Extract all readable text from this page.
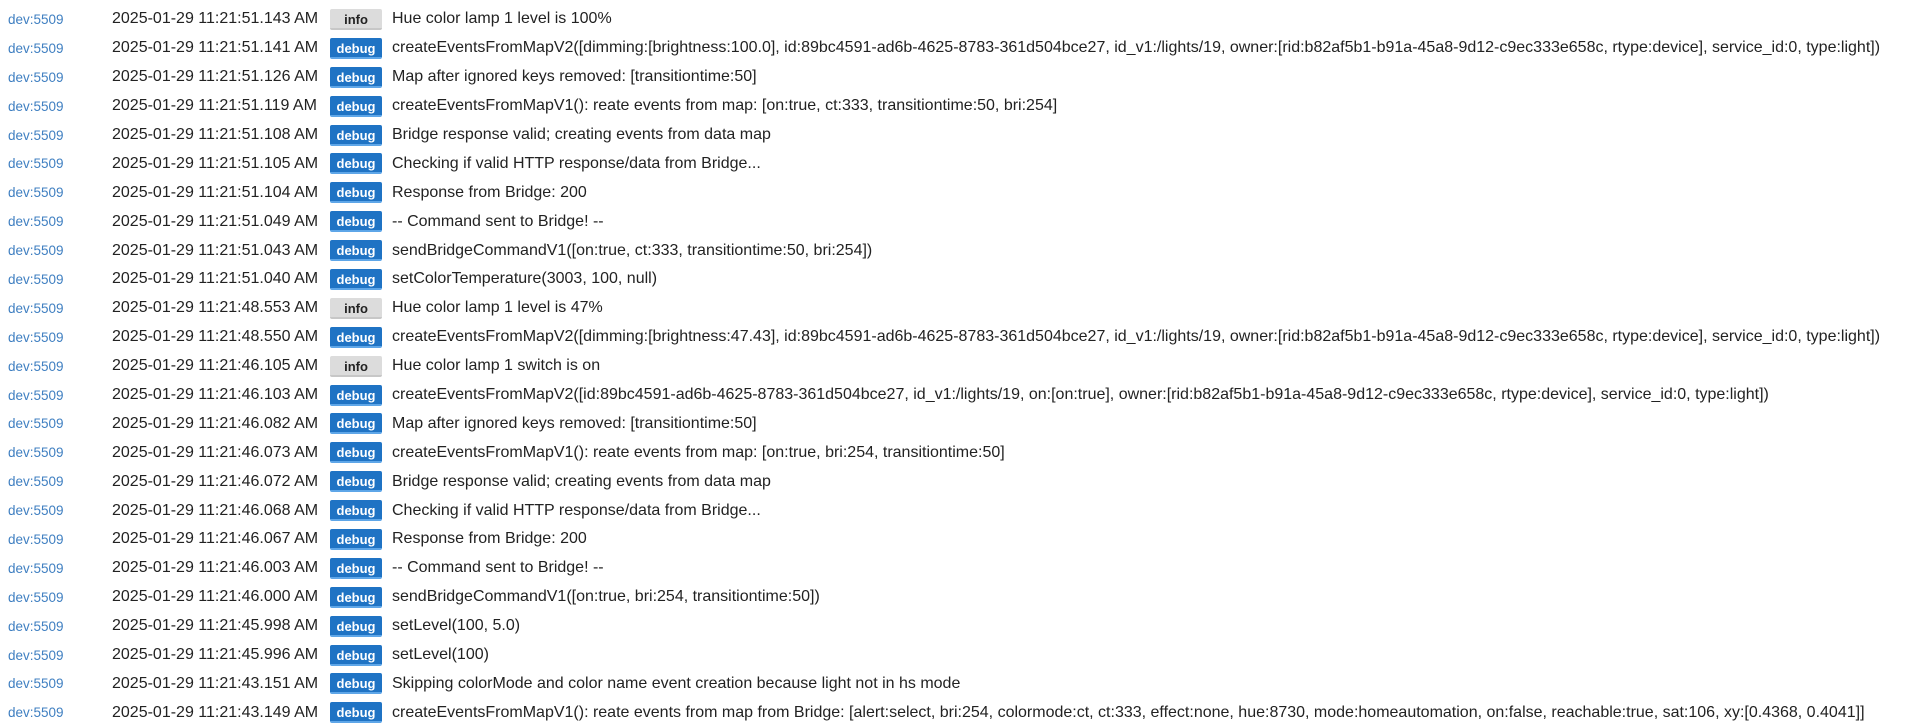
dev:5509	2025-01-29 11:21:51.143 AM	info	Hue color lamp 1 level is 100%
dev:5509	2025-01-29 11:21:51.141 AM	debug	createEventsFromMapV2([dimming:[brightness:100.0], id:89bc4591-ad6b-4625-8783-361d504bce27, id_v1:/lights/19, owner:[rid:b82af5b1-b91a-45a8-9d12-c9ec333e658c, rtype:device], service_id:0, type:light])
dev:5509	2025-01-29 11:21:51.126 AM	debug	Map after ignored keys removed: [transitiontime:50]
dev:5509	2025-01-29 11:21:51.119 AM	debug	createEventsFromMapV1(): reate events from map: [on:true, ct:333, transitiontime:50, bri:254]
dev:5509	2025-01-29 11:21:51.108 AM	debug	Bridge response valid; creating events from data map
dev:5509	2025-01-29 11:21:51.105 AM	debug	Checking if valid HTTP response/data from Bridge...
dev:5509	2025-01-29 11:21:51.104 AM	debug	Response from Bridge: 200
dev:5509	2025-01-29 11:21:51.049 AM	debug	-- Command sent to Bridge! --
dev:5509	2025-01-29 11:21:51.043 AM	debug	sendBridgeCommandV1([on:true, ct:333, transitiontime:50, bri:254])
dev:5509	2025-01-29 11:21:51.040 AM	debug	setColorTemperature(3003, 100, null)
dev:5509	2025-01-29 11:21:48.553 AM	info	Hue color lamp 1 level is 47%
dev:5509	2025-01-29 11:21:48.550 AM	debug	createEventsFromMapV2([dimming:[brightness:47.43], id:89bc4591-ad6b-4625-8783-361d504bce27, id_v1:/lights/19, owner:[rid:b82af5b1-b91a-45a8-9d12-c9ec333e658c, rtype:device], service_id:0, type:light])
dev:5509	2025-01-29 11:21:46.105 AM	info	Hue color lamp 1 switch is on
dev:5509	2025-01-29 11:21:46.103 AM	debug	createEventsFromMapV2([id:89bc4591-ad6b-4625-8783-361d504bce27, id_v1:/lights/19, on:[on:true], owner:[rid:b82af5b1-b91a-45a8-9d12-c9ec333e658c, rtype:device], service_id:0, type:light])
dev:5509	2025-01-29 11:21:46.082 AM	debug	Map after ignored keys removed: [transitiontime:50]
dev:5509	2025-01-29 11:21:46.073 AM	debug	createEventsFromMapV1(): reate events from map: [on:true, bri:254, transitiontime:50]
dev:5509	2025-01-29 11:21:46.072 AM	debug	Bridge response valid; creating events from data map
dev:5509	2025-01-29 11:21:46.068 AM	debug	Checking if valid HTTP response/data from Bridge...
dev:5509	2025-01-29 11:21:46.067 AM	debug	Response from Bridge: 200
dev:5509	2025-01-29 11:21:46.003 AM	debug	-- Command sent to Bridge! --
dev:5509	2025-01-29 11:21:46.000 AM	debug	sendBridgeCommandV1([on:true, bri:254, transitiontime:50])
dev:5509	2025-01-29 11:21:45.998 AM	debug	setLevel(100, 5.0)
dev:5509	2025-01-29 11:21:45.996 AM	debug	setLevel(100)
dev:5509	2025-01-29 11:21:43.151 AM	debug	Skipping colorMode and color name event creation because light not in hs mode
dev:5509	2025-01-29 11:21:43.149 AM	debug	createEventsFromMapV1(): reate events from map from Bridge: [alert:select, bri:254, colormode:ct, ct:333, effect:none, hue:8730, mode:homeautomation, on:false, reachable:true, sat:106, xy:[0.4368, 0.4041]]
